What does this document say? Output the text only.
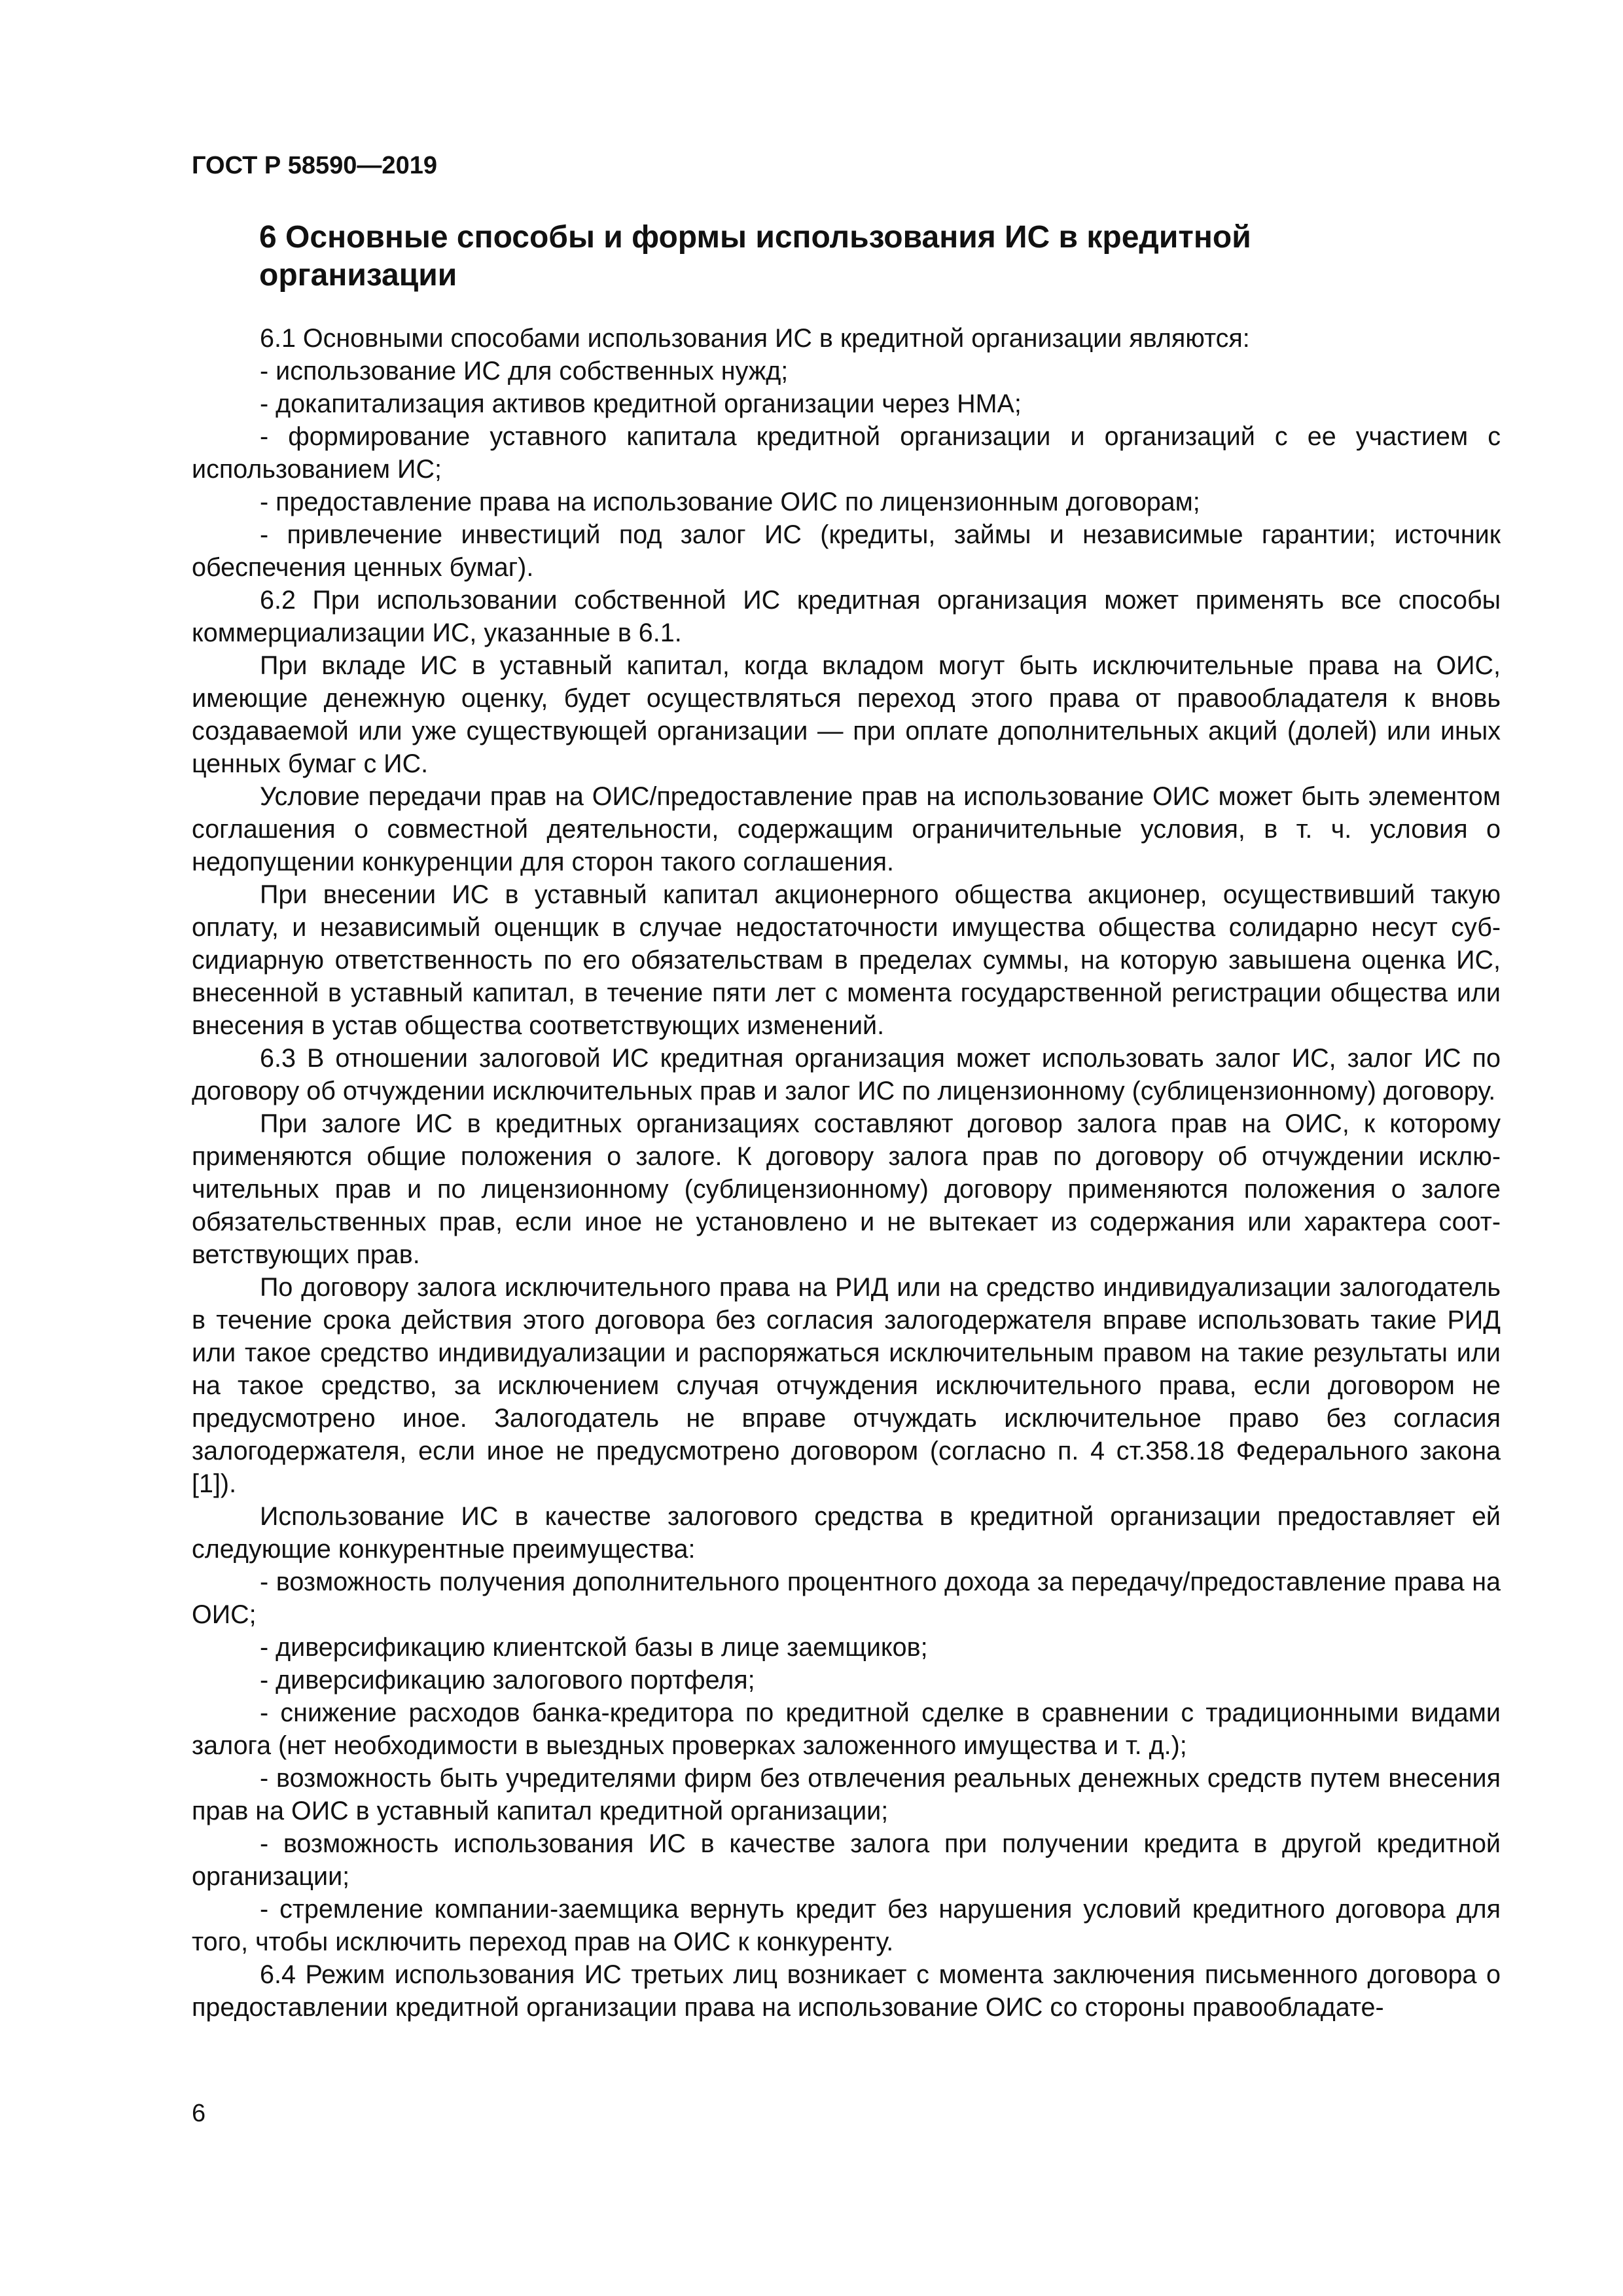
ГОСТ Р 58590—2019
6 Основные способы и формы использования ИС в кредитной организации

6.1 Основными способами использования ИС в кредитной организации являются:

- использование ИС для собственных нужд;

- докапитализация активов кредитной организации через НМА;

- формирование уставного капитала кредитной организации и организаций с ее участием с использованием ИС;

- предоставление права на использование ОИС по лицензионным договорам;

- привлечение инвестиций под залог ИС (кредиты, займы и независимые гарантии; источник обеспечения ценных бумаг).

6.2 При использовании собственной ИС кредитная организация может применять все способы коммерциализации ИС, указанные в 6.1.

При вкладе ИС в уставный капитал, когда вкладом могут быть исключительные права на ОИС, имеющие денежную оценку, будет осуществляться переход этого права от правообладателя к вновь создаваемой или уже существующей организации — при оплате дополнительных акций (долей) или иных ценных бумаг с ИС.

Условие передачи прав на ОИС/предоставление прав на использование ОИС может быть элементом соглашения о совместной деятельности, содержащим ограничительные условия, в т. ч. условия о недопущении конкуренции для сторон такого соглашения.

При внесении ИС в уставный капитал акционерного общества акционер, осуществивший такую оплату, и независимый оценщик в случае недостаточности имущества общества солидарно несут субсидиарную ответственность по его обязательствам в пределах суммы, на которую завышена оценка ИС, внесенной в уставный капитал, в течение пяти лет с момента государственной регистрации общества или внесения в устав общества соответствующих изменений.

6.3 В отношении залоговой ИС кредитная организация может использовать залог ИС, залог ИС по договору об отчуждении исключительных прав и залог ИС по лицензионному (сублицензионному) договору.

При залоге ИС в кредитных организациях составляют договор залога прав на ОИС, к которому применяются общие положения о залоге. К договору залога прав по договору об отчуждении исключительных прав и по лицензионному (сублицензионному) договору применяются положения о залоге обязательственных прав, если иное не установлено и не вытекает из содержания или характера соответствующих прав.

По договору залога исключительного права на РИД или на средство индивидуализации залогодатель в течение срока действия этого договора без согласия залогодержателя вправе использовать такие РИД или такое средство индивидуализации и распоряжаться исключительным правом на такие результаты или на такое средство, за исключением случая отчуждения исключительного права, если договором не предусмотрено иное. Залогодатель не вправе отчуждать исключительное право без согласия залогодержателя, если иное не предусмотрено договором (согласно п. 4 ст.358.18 Федерального закона [1]).

Использование ИС в качестве залогового средства в кредитной организации предоставляет ей следующие конкурентные преимущества:

- возможность получения дополнительного процентного дохода за передачу/предоставление права на ОИС;

- диверсификацию клиентской базы в лице заемщиков;

- диверсификацию залогового портфеля;

- снижение расходов банка-кредитора по кредитной сделке в сравнении с традиционными видами залога (нет необходимости в выездных проверках заложенного имущества и т. д.);

- возможность быть учредителями фирм без отвлечения реальных денежных средств путем внесения прав на ОИС в уставный капитал кредитной организации;

- возможность использования ИС в качестве залога при получении кредита в другой кредитной организации;

- стремление компании-заемщика вернуть кредит без нарушения условий кредитного договора для того, чтобы исключить переход прав на ОИС к конкуренту.

6.4 Режим использования ИС третьих лиц возникает с момента заключения письменного договора о предоставлении кредитной организации права на использование ОИС со стороны правообладате-

6
